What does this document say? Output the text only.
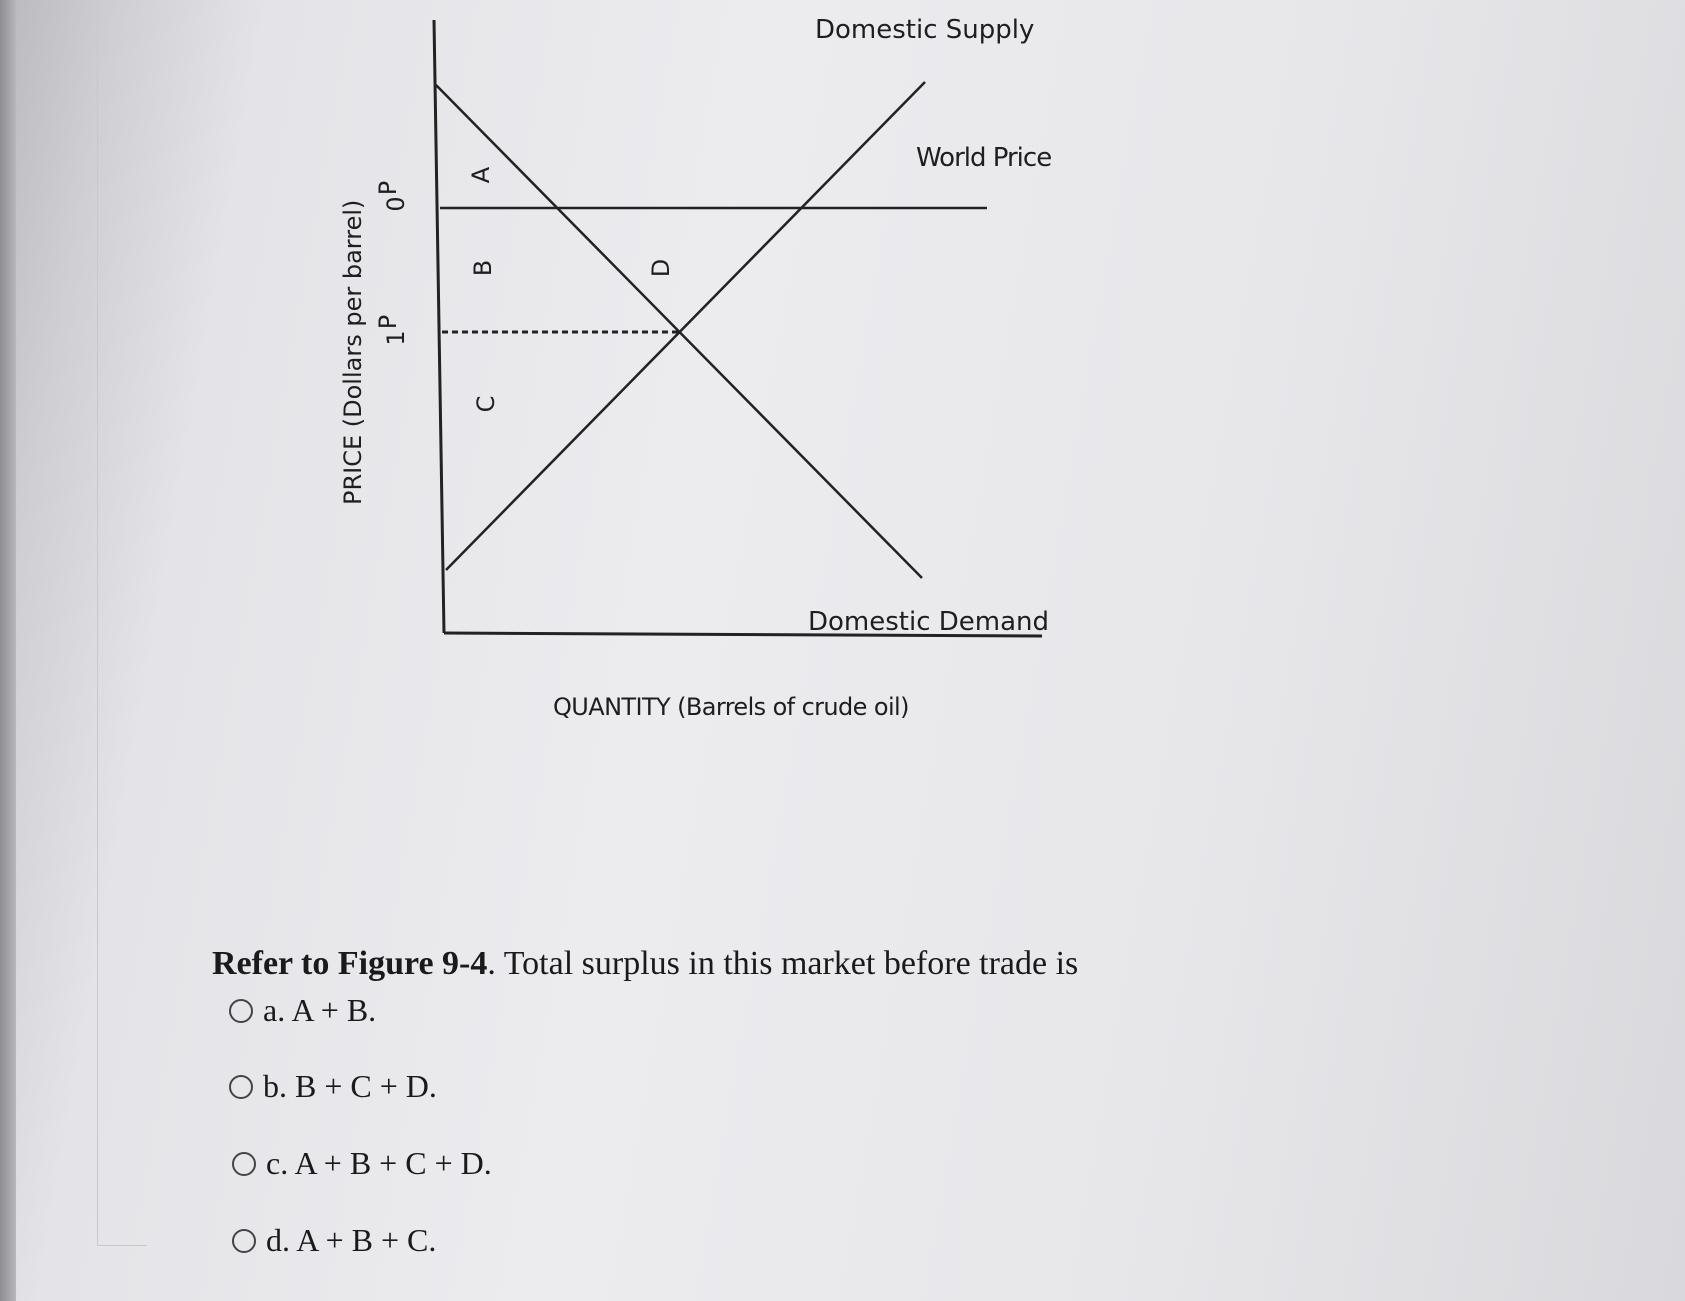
PRICE (Dollars per barrel)
P
0
P
1
Domestic Supply
World Price
Domestic Demand
A
B
C
D
QUANTITY (Barrels of crude oil)
Refer to Figure 9-4. Total surplus in this market before trade is
a. A + B.
b. B + C + D.
c. A + B + C + D.
d. A + B + C.
